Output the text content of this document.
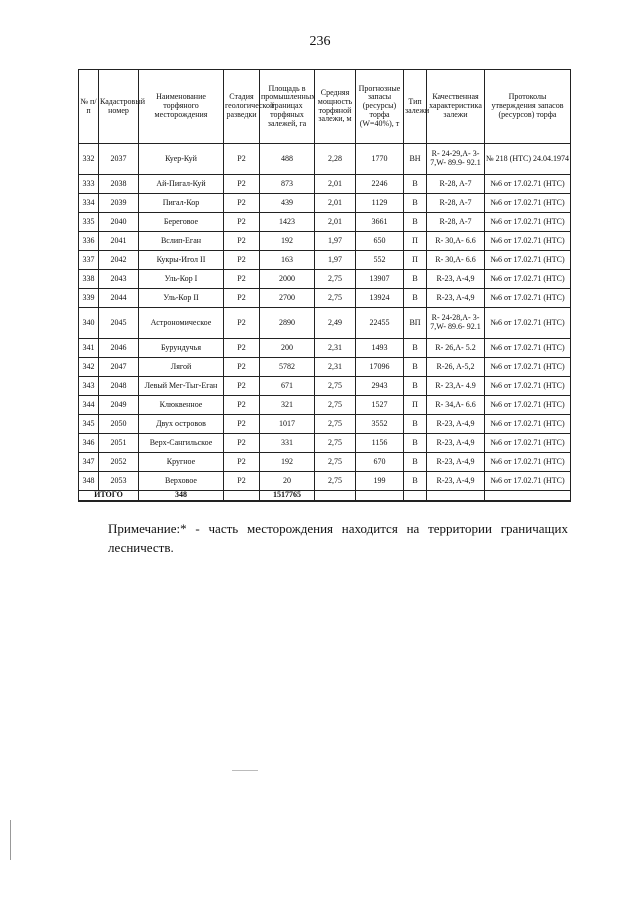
236
№ п/п	Кадастровый номер	Наименование торфяного месторождения	Стадия геологической разведки	Площадь в промышленных границах торфяных залежей, га	Средняя мощность торфяной залежи, м	Прогнозные запасы (ресурсы) торфа (W=40%), т	Тип залежи	Качественная характеристика залежи	Протоколы утверждения запасов (ресурсов) торфа
332	2037	Куер-Куй	P2	488	2,28	1770	ВН	R- 24-29,A- 3-7,W- 89.9- 92.1	№ 218 (НТС) 24.04.1974
333	2038	Ай-Пигал-Куй	P2	873	2,01	2246	В	R-28, A-7	№6 от 17.02.71 (НТС)
334	2039	Пигал-Кор	P2	439	2,01	1129	В	R-28, A-7	№6 от 17.02.71 (НТС)
335	2040	Береговое	P2	1423	2,01	3661	В	R-28, A-7	№6 от 17.02.71 (НТС)
336	2041	Вслип-Еган	P2	192	1,97	650	П	R- 30,A- 6.6	№6 от 17.02.71 (НТС)
337	2042	Кукры-Игол II	P2	163	1,97	552	П	R- 30,A- 6.6	№6 от 17.02.71 (НТС)
338	2043	Уль-Кор I	P2	2000	2,75	13907	В	R-23, A-4,9	№6 от 17.02.71 (НТС)
339	2044	Уль-Кор II	P2	2700	2,75	13924	В	R-23, A-4,9	№6 от 17.02.71 (НТС)
340	2045	Астрономическое	P2	2890	2,49	22455	ВП	R- 24-28,A- 3-7,W- 89.6- 92.1	№6 от 17.02.71 (НТС)
341	2046	Бурундучья	P2	200	2,31	1493	В	R- 26,A- 5.2	№6 от 17.02.71 (НТС)
342	2047	Лягой	P2	5782	2,31	17096	В	R-26, A-5,2	№6 от 17.02.71 (НТС)
343	2048	Левый Мег-Тыг-Еган	P2	671	2,75	2943	В	R- 23,A- 4.9	№6 от 17.02.71 (НТС)
344	2049	Клюквенное	P2	321	2,75	1527	П	R- 34,A- 6.6	№6 от 17.02.71 (НТС)
345	2050	Двух островов	P2	1017	2,75	3552	В	R-23, A-4,9	№6 от 17.02.71 (НТС)
346	2051	Верх-Сангильское	P2	331	2,75	1156	В	R-23, A-4,9	№6 от 17.02.71 (НТС)
347	2052	Кругное	P2	192	2,75	670	В	R-23, A-4,9	№6 от 17.02.71 (НТС)
348	2053	Верховое	P2	20	2,75	199	В	R-23, A-4,9	№6 от 17.02.71 (НТС)
ИТОГО		348		1517765					
Примечание:* - часть месторождения находится на территории граничащих лесничеств.
